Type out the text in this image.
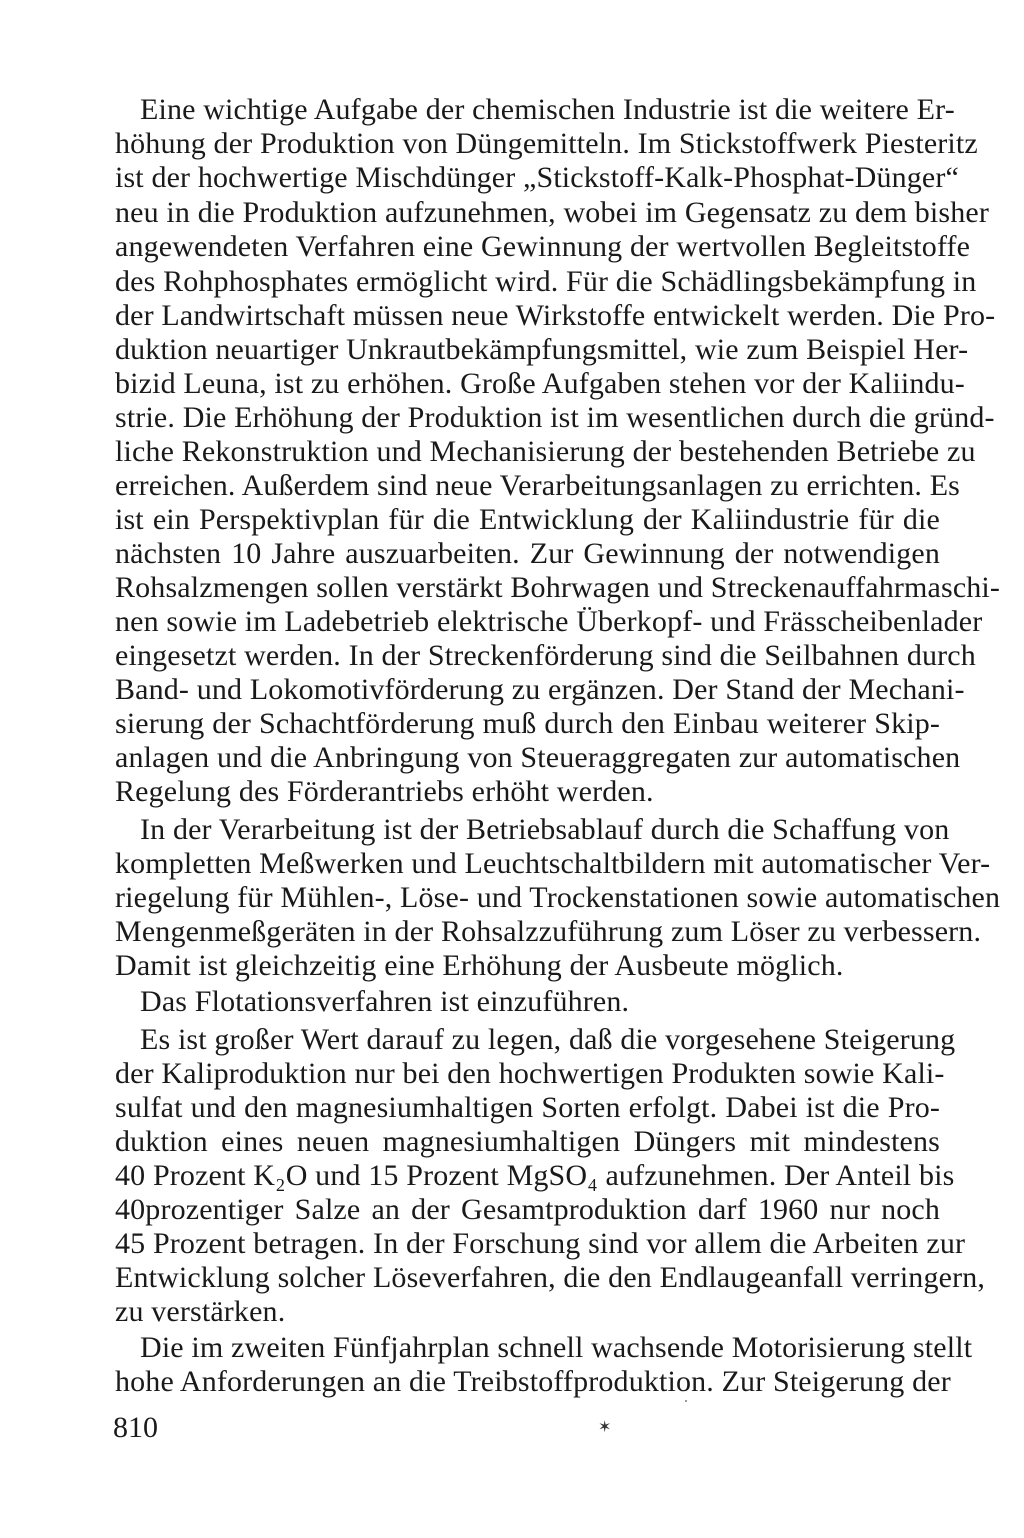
Eine wichtige Aufgabe der chemischen Industrie ist die weitere Er-
höhung der Produktion von Düngemitteln. Im Stickstoffwerk Piesteritz
ist der hochwertige Mischdünger „Stickstoff-Kalk-Phosphat-Dünger“
neu in die Produktion aufzunehmen, wobei im Gegensatz zu dem bisher
angewendeten Verfahren eine Gewinnung der wertvollen Begleitstoffe
des Rohphosphates ermöglicht wird. Für die Schädlingsbekämpfung in
der Landwirtschaft müssen neue Wirkstoffe entwickelt werden. Die Pro-
duktion neuartiger Unkrautbekämpfungsmittel, wie zum Beispiel Her-
bizid Leuna, ist zu erhöhen. Große Aufgaben stehen vor der Kaliindu-
strie. Die Erhöhung der Produktion ist im wesentlichen durch die gründ-
liche Rekonstruktion und Mechanisierung der bestehenden Betriebe zu
erreichen. Außerdem sind neue Verarbeitungsanlagen zu errichten. Es
ist ein Perspektivplan für die Entwicklung der Kaliindustrie für die
nächsten 10 Jahre auszuarbeiten. Zur Gewinnung der notwendigen
Rohsalzmengen sollen verstärkt Bohrwagen und Streckenauffahrmaschi-
nen sowie im Ladebetrieb elektrische Überkopf- und Frässcheibenlader
eingesetzt werden. In der Streckenförderung sind die Seilbahnen durch
Band- und Lokomotivförderung zu ergänzen. Der Stand der Mechani-
sierung der Schachtförderung muß durch den Einbau weiterer Skip-
anlagen und die Anbringung von Steueraggregaten zur automatischen
Regelung des Förderantriebs erhöht werden.
In der Verarbeitung ist der Betriebsablauf durch die Schaffung von
kompletten Meßwerken und Leuchtschaltbildern mit automatischer Ver-
riegelung für Mühlen-, Löse- und Trockenstationen sowie automatischen
Mengenmeßgeräten in der Rohsalzzuführung zum Löser zu verbessern.
Damit ist gleichzeitig eine Erhöhung der Ausbeute möglich.
Das Flotationsverfahren ist einzuführen.
Es ist großer Wert darauf zu legen, daß die vorgesehene Steigerung
der Kaliproduktion nur bei den hochwertigen Produkten sowie Kali-
sulfat und den magnesiumhaltigen Sorten erfolgt. Dabei ist die Pro-
duktion eines neuen magnesiumhaltigen Düngers mit mindestens
40 Prozent K₂O und 15 Prozent MgSO₄ aufzunehmen. Der Anteil bis
40prozentiger Salze an der Gesamtproduktion darf 1960 nur noch
45 Prozent betragen. In der Forschung sind vor allem die Arbeiten zur
Entwicklung solcher Löseverfahren, die den Endlaugeanfall verringern,
zu verstärken.
Die im zweiten Fünfjahrplan schnell wachsende Motorisierung stellt
hohe Anforderungen an die Treibstoffproduktion. Zur Steigerung der
810	✶
